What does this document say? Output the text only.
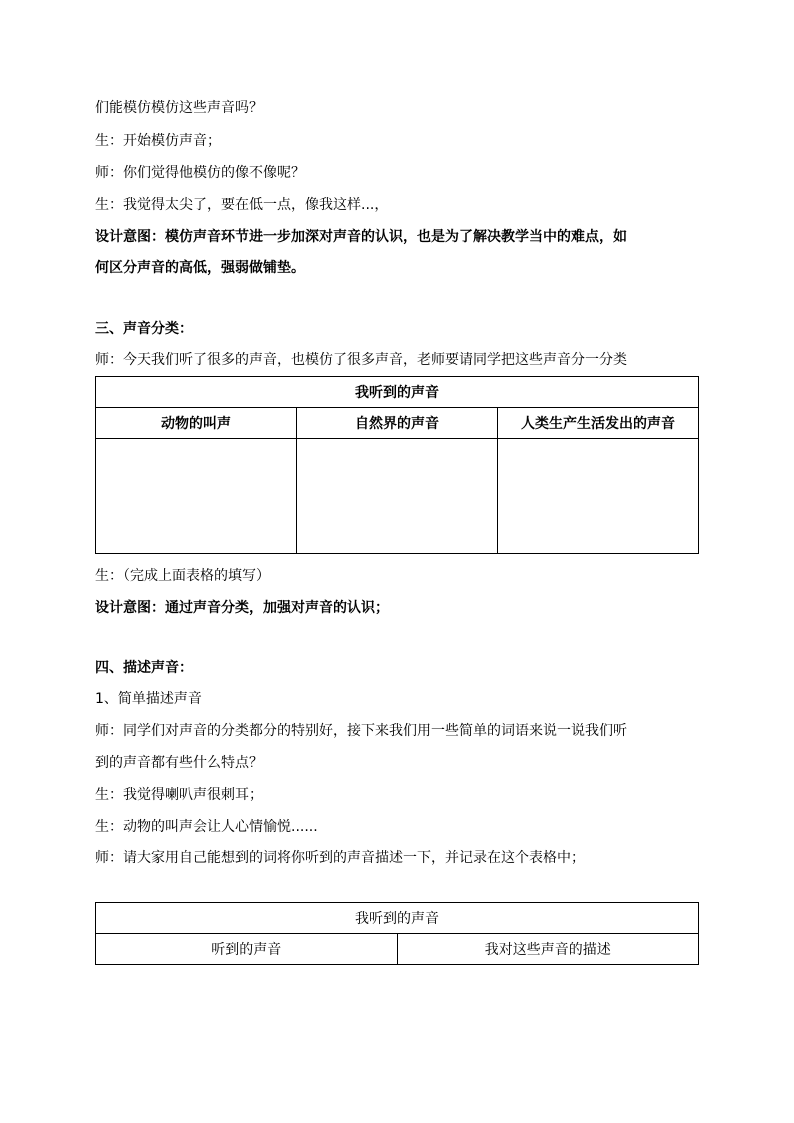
们能模仿模仿这些声音吗？
生：开始模仿声音；
师：你们觉得他模仿的像不像呢？
生：我觉得太尖了，要在低一点，像我这样...，
设计意图：模仿声音环节进一步加深对声音的认识，也是为了解决教学当中的难点，如
何区分声音的高低，强弱做铺垫。
三、声音分类：
师：今天我们听了很多的声音，也模仿了很多声音，老师要请同学把这些声音分一分类
我听到的声音		
动物的叫声	自然界的声音	人类生产生活发出的声音

生：（完成上面表格的填写）
设计意图：通过声音分类，加强对声音的认识；
四、描述声音：
1、简单描述声音
师：同学们对声音的分类都分的特别好，接下来我们用一些简单的词语来说一说我们听
到的声音都有些什么特点？
生：我觉得喇叭声很刺耳；
生：动物的叫声会让人心情愉悦......
师：请大家用自己能想到的词将你听到的声音描述一下，并记录在这个表格中；
我听到的声音
听到的声音	我对这些声音的描述
